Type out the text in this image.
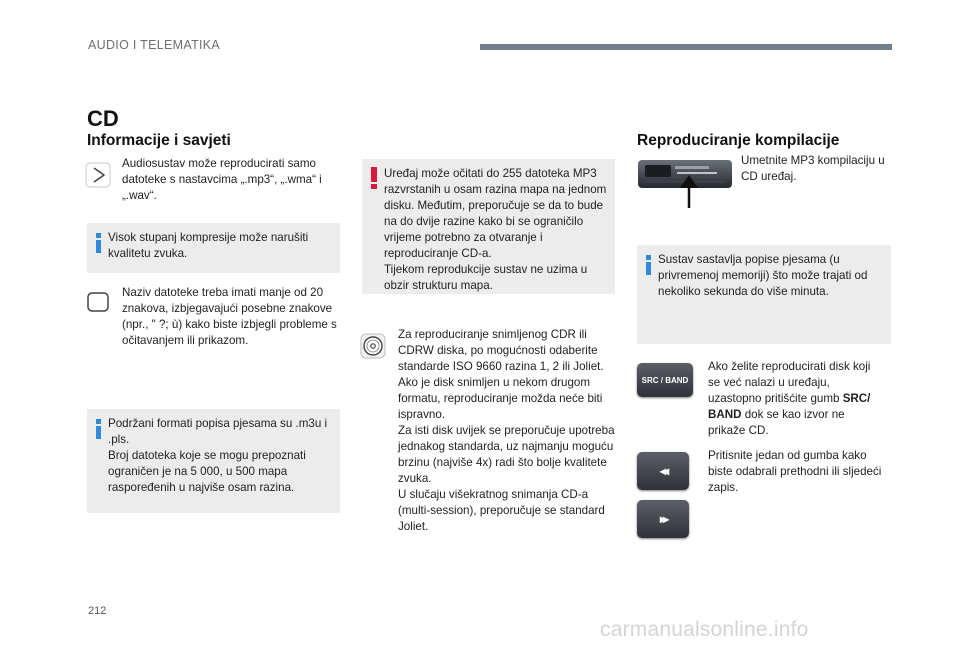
AUDIO I TELEMATIKA
CD
Informacije i savjeti
Audiosustav može reproducirati samo datoteke s nastavcima „.mp3“, „.wma“ i „.wav“.
Visok stupanj kompresije može narušiti kvalitetu zvuka.
Naziv datoteke treba imati manje od 20 znakova, izbjegavajući posebne znakove (npr., " ?; ù) kako biste izbjegli probleme s očitavanjem ili prikazom.
Podržani formati popisa pjesama su .m3u i .pls.
Broj datoteka koje se mogu prepoznati ograničen je na 5 000, u 500 mapa raspoređenih u najviše osam razina.
Uređaj može očitati do 255 datoteka MP3 razvrstanih u osam razina mapa na jednom disku. Međutim, preporučuje se da to bude na do dvije razine kako bi se ograničilo vrijeme potrebno za otvaranje i reproduciranje CD-a.
Tijekom reprodukcije sustav ne uzima u obzir strukturu mapa.
Za reproduciranje snimljenog CDR ili CDRW diska, po mogućnosti odaberite standarde ISO 9660 razina 1, 2 ili Joliet.
Ako je disk snimljen u nekom drugom formatu, reproduciranje možda neće biti ispravno.
Za isti disk uvijek se preporučuje upotreba jednakog standarda, uz najmanju moguću brzinu (najviše 4x) radi što bolje kvalitete zvuka.
U slučaju višekratnog snimanja CD-a (multi-session), preporučuje se standard Joliet.
Reproduciranje kompilacije
Umetnite MP3 kompilaciju u CD uređaj.
Sustav sastavlja popise pjesama (u privremenoj memoriji) što može trajati od nekoliko sekunda do više minuta.
SRC / BAND
Ako želite reproducirati disk koji se već nalazi u uređaju, uzastopno pritišćite gumb SRC/ BAND dok se kao izvor ne prikaže CD.
◂◂
▸▸
Pritisnite jedan od gumba kako biste odabrali prethodni ili sljedeći zapis.
212
carmanualsonline.info
